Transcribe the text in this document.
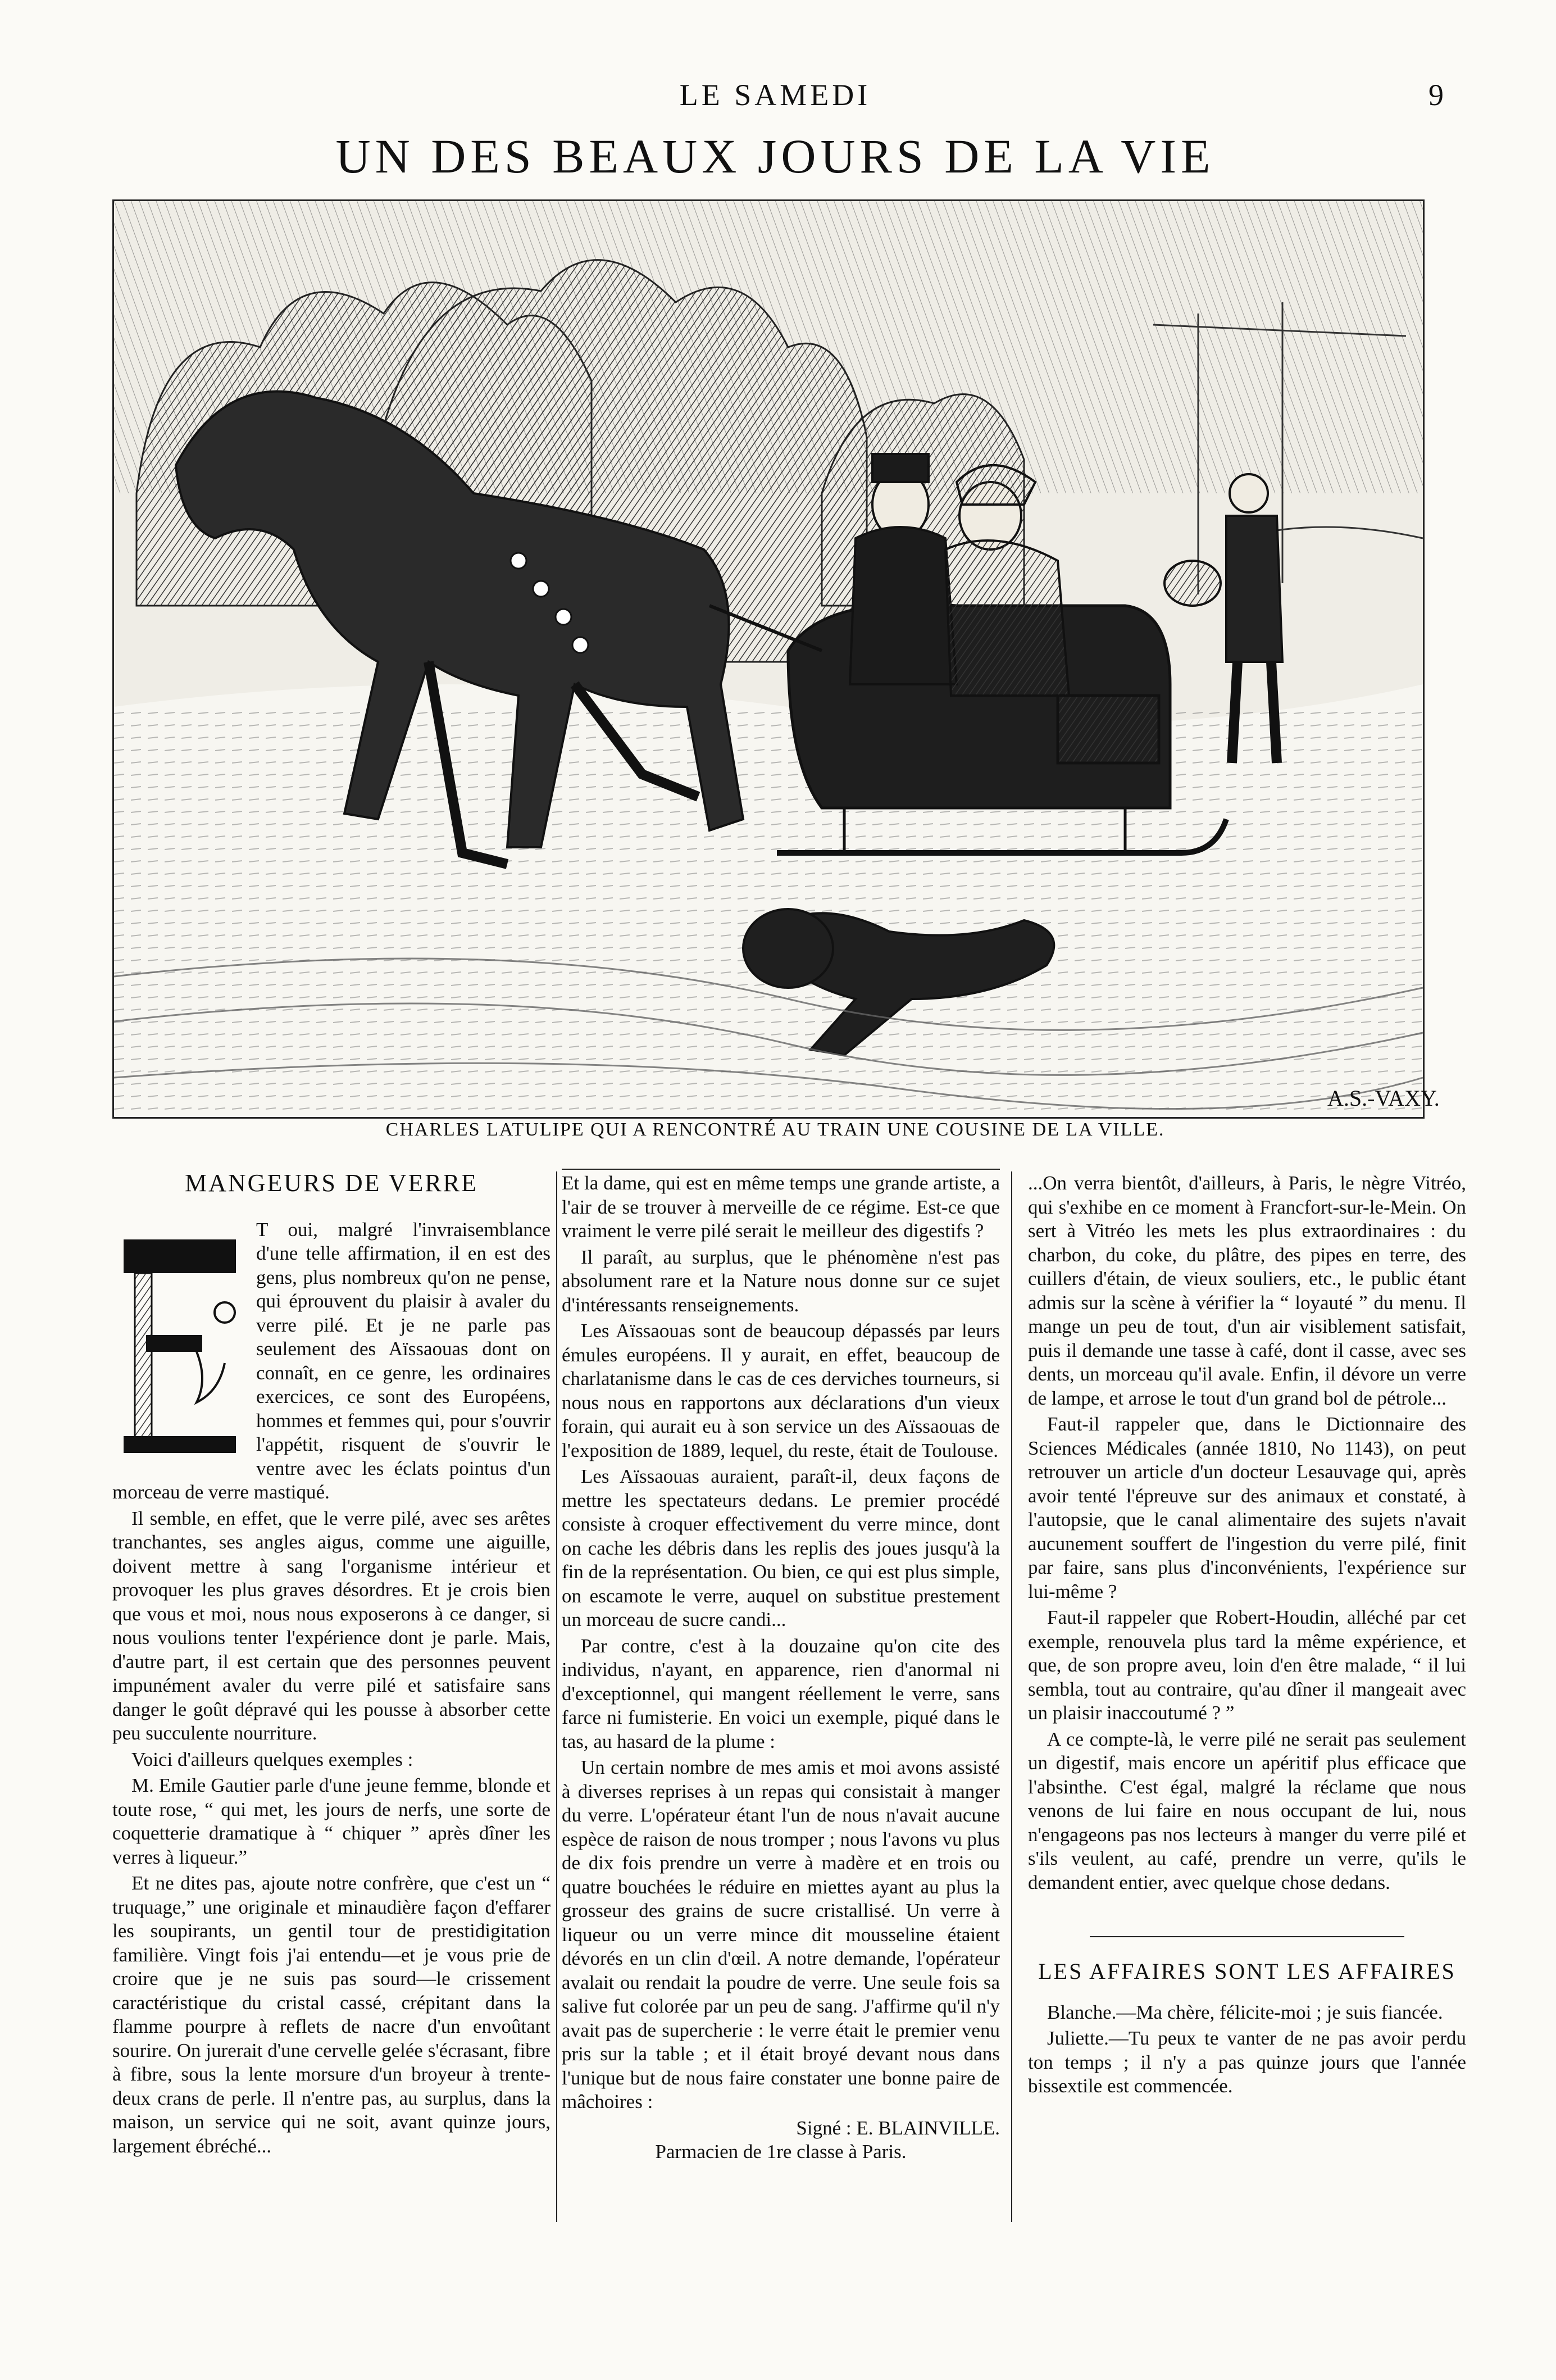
LE SAMEDI	9
UN DES BEAUX JOURS DE LA VIE
A.S.-VAXY.
CHARLES LATULIPE QUI A RENCONTRÉ AU TRAIN UNE COUSINE DE LA VILLE.
MANGEURS DE VERRE

T oui, malgré l'invraisemblance d'une telle affirmation, il en est des gens, plus nombreux qu'on ne pense, qui éprouvent du plaisir à avaler du verre pilé. Et je ne parle pas seulement des Aïssaouas dont on connaît, en ce genre, les ordinaires exercices, ce sont des Européens, hommes et femmes qui, pour s'ouvrir l'appétit, risquent de s'ouvrir le ventre avec les éclats pointus d'un morceau de verre mastiqué.

Il semble, en effet, que le verre pilé, avec ses arêtes tranchantes, ses angles aigus, comme une aiguille, doivent mettre à sang l'organisme intérieur et provoquer les plus graves désordres. Et je crois bien que vous et moi, nous nous exposerons à ce danger, si nous voulions tenter l'expérience dont je parle. Mais, d'autre part, il est certain que des personnes peuvent impunément avaler du verre pilé et satisfaire sans danger le goût dépravé qui les pousse à absorber cette peu succulente nourriture.

Voici d'ailleurs quelques exemples :

M. Emile Gautier parle d'une jeune femme, blonde et toute rose, “ qui met, les jours de nerfs, une sorte de coquetterie dramatique à “ chiquer ” après dîner les verres à liqueur.”

Et ne dites pas, ajoute notre confrère, que c'est un “ truquage,” une originale et minaudière façon d'effarer les soupirants, un gentil tour de prestidigitation familière. Vingt fois j'ai entendu—et je vous prie de croire que je ne suis pas sourd—le crissement caractéristique du cristal cassé, crépitant dans la flamme pourpre à reflets de nacre d'un envoûtant sourire. On jurerait d'une cervelle gelée s'écrasant, fibre à fibre, sous la lente morsure d'un broyeur à trente-deux crans de perle. Il n'entre pas, au surplus, dans la maison, un service qui ne soit, avant quinze jours, largement ébréché...

Et la dame, qui est en même temps une grande artiste, a l'air de se trouver à merveille de ce régime. Est-ce que vraiment le verre pilé serait le meilleur des digestifs ?

Il paraît, au surplus, que le phénomène n'est pas absolument rare et la Nature nous donne sur ce sujet d'intéressants renseignements.

Les Aïssaouas sont de beaucoup dépassés par leurs émules européens. Il y aurait, en effet, beaucoup de charlatanisme dans le cas de ces derviches tourneurs, si nous nous en rapportons aux déclarations d'un vieux forain, qui aurait eu à son service un des Aïssaouas de l'exposition de 1889, lequel, du reste, était de Toulouse.

Les Aïssaouas auraient, paraît-il, deux façons de mettre les spectateurs dedans. Le premier procédé consiste à croquer effectivement du verre mince, dont on cache les débris dans les replis des joues jusqu'à la fin de la représentation. Ou bien, ce qui est plus simple, on escamote le verre, auquel on substitue prestement un morceau de sucre candi...

Par contre, c'est à la douzaine qu'on cite des individus, n'ayant, en apparence, rien d'anormal ni d'exceptionnel, qui mangent réellement le verre, sans farce ni fumisterie. En voici un exemple, piqué dans le tas, au hasard de la plume :

Un certain nombre de mes amis et moi avons assisté à diverses reprises à un repas qui consistait à manger du verre. L'opérateur étant l'un de nous n'avait aucune espèce de raison de nous tromper ; nous l'avons vu plus de dix fois prendre un verre à madère et en trois ou quatre bouchées le réduire en miettes ayant au plus la grosseur des grains de sucre cristallisé. Un verre à liqueur ou un verre mince dit mousseline étaient dévorés en un clin d'œil. A notre demande, l'opérateur avalait ou rendait la poudre de verre. Une seule fois sa salive fut colorée par un peu de sang. J'affirme qu'il n'y avait pas de supercherie : le verre était le premier venu pris sur la table ; et il était broyé devant nous dans l'unique but de nous faire constater une bonne paire de mâchoires :

Signé : E. BLAINVILLE.
Parmacien de 1re classe à Paris.

...On verra bientôt, d'ailleurs, à Paris, le nègre Vitréo, qui s'exhibe en ce moment à Francfort-sur-le-Mein. On sert à Vitréo les mets les plus extraordinaires : du charbon, du coke, du plâtre, des pipes en terre, des cuillers d'étain, de vieux souliers, etc., le public étant admis sur la scène à vérifier la “ loyauté ” du menu. Il mange un peu de tout, d'un air visiblement satisfait, puis il demande une tasse à café, dont il casse, avec ses dents, un morceau qu'il avale. Enfin, il dévore un verre de lampe, et arrose le tout d'un grand bol de pétrole...

Faut-il rappeler que, dans le Dictionnaire des Sciences Médicales (année 1810, No 1143), on peut retrouver un article d'un docteur Lesauvage qui, après avoir tenté l'épreuve sur des animaux et constaté, à l'autopsie, que le canal alimentaire des sujets n'avait aucunement souffert de l'ingestion du verre pilé, finit par faire, sans plus d'inconvénients, l'expérience sur lui-même ?

Faut-il rappeler que Robert-Houdin, alléché par cet exemple, renouvela plus tard la même expérience, et que, de son propre aveu, loin d'en être malade, “ il lui sembla, tout au contraire, qu'au dîner il mangeait avec un plaisir inaccoutumé ? ”

A ce compte-là, le verre pilé ne serait pas seulement un digestif, mais encore un apéritif plus efficace que l'absinthe. C'est égal, malgré la réclame que nous venons de lui faire en nous occupant de lui, nous n'engageons pas nos lecteurs à manger du verre pilé et s'ils veulent, au café, prendre un verre, qu'ils le demandent entier, avec quelque chose dedans.

LES AFFAIRES SONT LES AFFAIRES

Blanche.—Ma chère, félicite-moi ; je suis fiancée.

Juliette.—Tu peux te vanter de ne pas avoir perdu ton temps ; il n'y a pas quinze jours que l'année bissextile est commencée.
